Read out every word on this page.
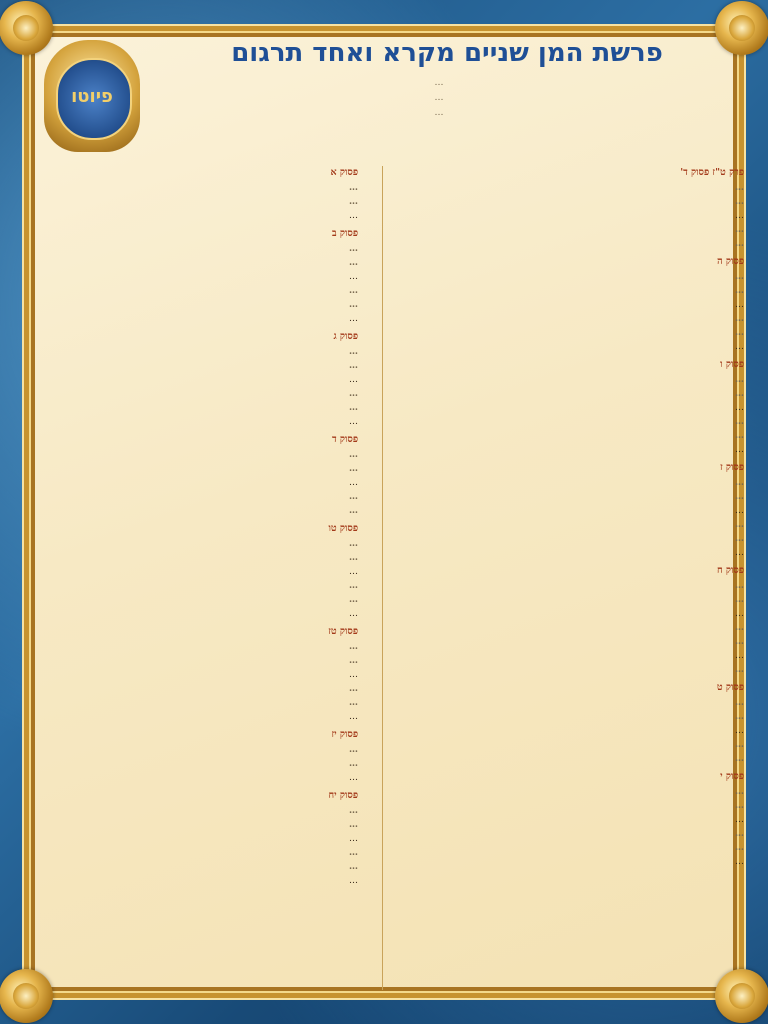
פיוטו
פרשת המן שניים מקרא ואחד תרגום

…

…

…

פרק ט"ז פסוק ד'

…

…

…

…

…

פסוק ה

…

…

…

…

…

…

פסוק ו

…

…

…

…

…

…

פסוק ז

…

…

…

…

…

…

פסוק ח

…

…

…

…

…

…

…

פסוק ט

…

…

…

…

…

פסוק י

…

…

…

…

…

…

פסוק א

…

…

…

פסוק ב

…

…

…

…

…

…

פסוק ג

…

…

…

…

…

…

פסוק ד

…

…

…

…

…

פסוק טו

…

…

…

…

…

…

פסוק טז

…

…

…

…

…

…

פסוק יז

…

…

…

פסוק יח

…

…

…

…

…

…
